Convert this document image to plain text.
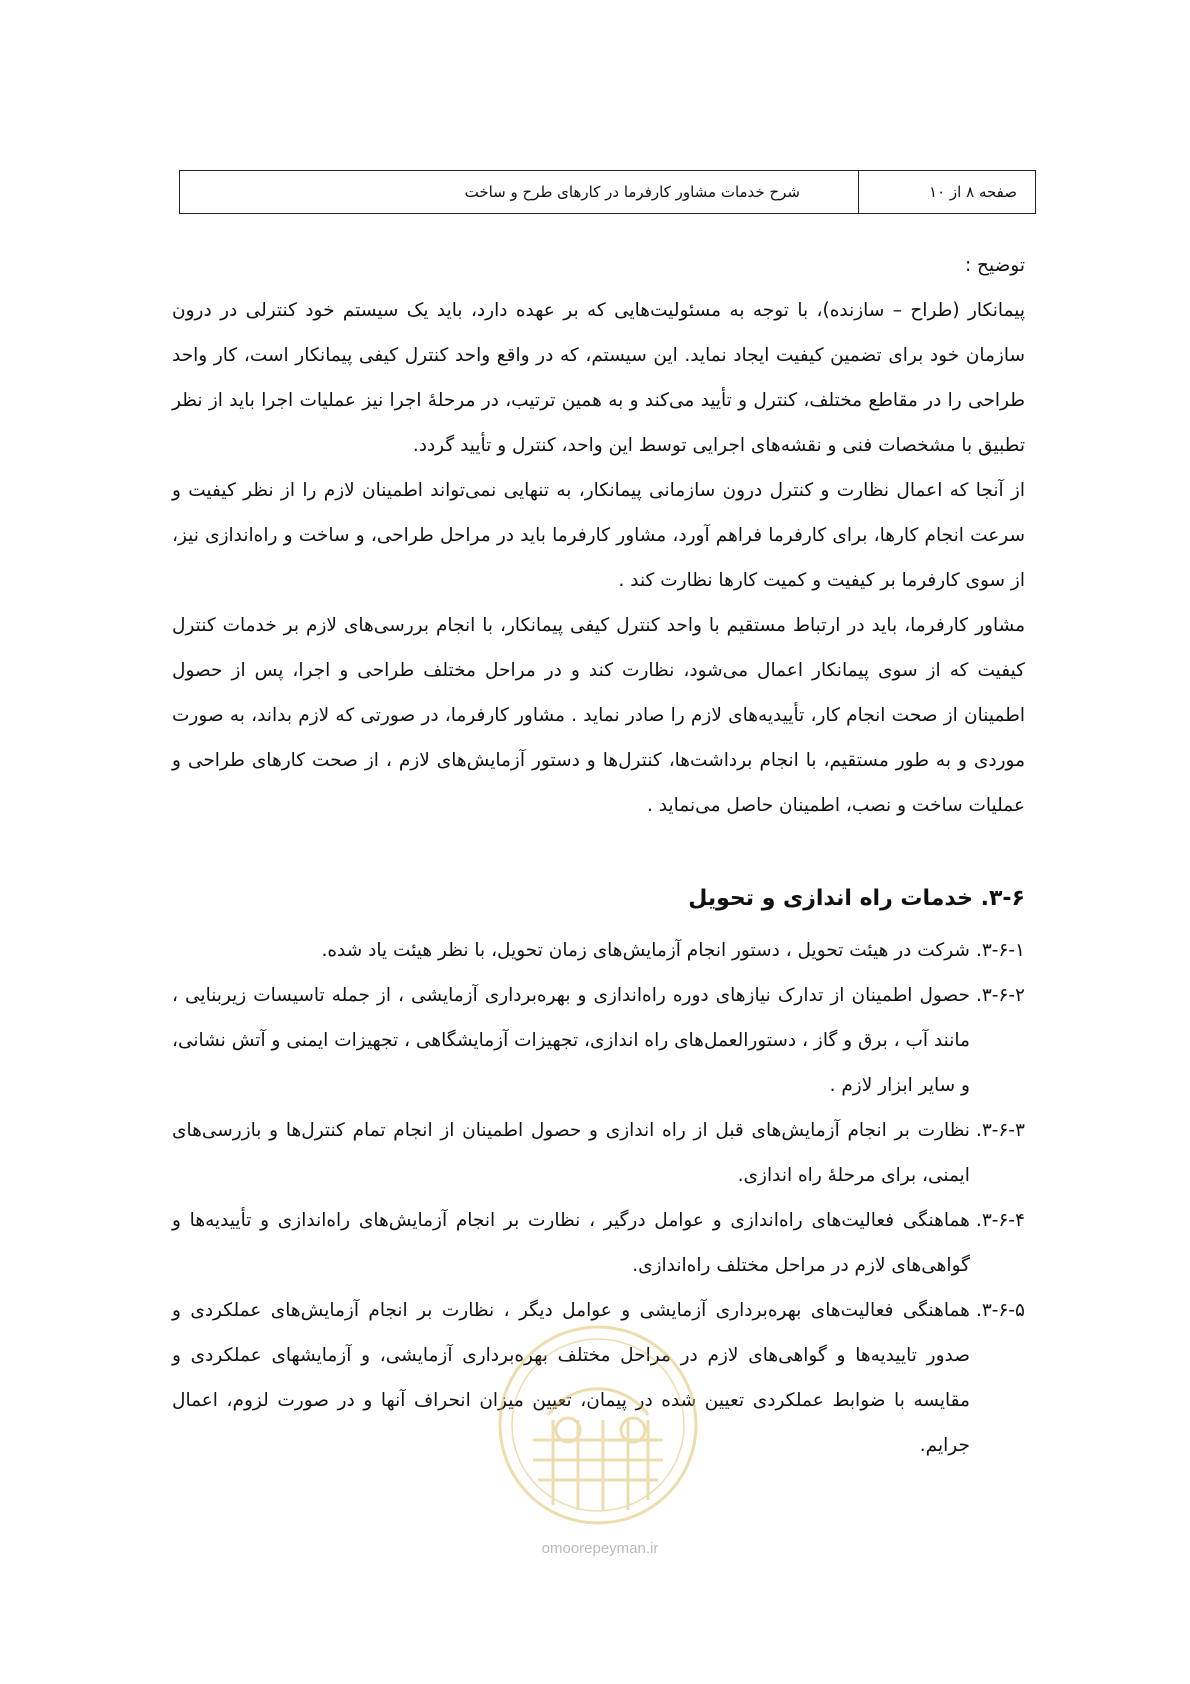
صفحه ۸ از ۱۰
شرح خدمات مشاور کارفرما در کارهای طرح و ساخت

توضیح :

پیمانکار (طراح – سازنده)، با توجه به مسئولیت‌هایی که بر عهده دارد، باید یک سیستم خود کنترلی در درون سازمان خود برای تضمین کیفیت ایجاد نماید. این سیستم، که در واقع واحد کنترل کیفی پیمانکار است، کار واحد طراحی را در مقاطع مختلف، کنترل و تأیید می‌کند و به همین ترتیب، در مرحلهٔ اجرا نیز عملیات اجرا باید از نظر تطبیق با مشخصات فنی و نقشه‌های اجرایی توسط این واحد، کنترل و تأیید گردد.

از آنجا که اعمال نظارت و کنترل درون سازمانی پیمانکار، به تنهایی نمی‌تواند اطمینان لازم را از نظر کیفیت و سرعت انجام کارها، برای کارفرما فراهم آورد، مشاور کارفرما باید در مراحل طراحی، و ساخت و راه‌اندازی نیز، از سوی کارفرما بر کیفیت و کمیت کارها نظارت کند .

مشاور کارفرما، باید در ارتباط مستقیم با واحد کنترل کیفی پیمانکار، با انجام بررسی‌های لازم بر خدمات کنترل کیفیت که از سوی پیمانکار اعمال می‌شود، نظارت کند و در مراحل مختلف طراحی و اجرا، پس از حصول اطمینان از صحت انجام کار، تأییدیه‌های لازم را صادر نماید . مشاور کارفرما، در صورتی که لازم بداند، به صورت موردی و به طور مستقیم، با انجام برداشت‌ها، کنترل‌ها و دستور آزمایش‌های لازم ، از صحت کارهای طراحی و عملیات ساخت و نصب، اطمینان حاصل می‌نماید .

۳-۶. خدمات راه اندازی و تحویل
۳-۶-۱.
شرکت در هیئت تحویل ، دستور انجام آزمایش‌های زمان تحویل، با نظر هیئت یاد شده.
۳-۶-۲.
حصول اطمینان از تدارک نیازهای دوره راه‌اندازی و بهره‌برداری آزمایشی ، از جمله تاسیسات زیربنایی ، مانند آب ، برق و گاز ، دستورالعمل‌های راه اندازی، تجهیزات آزمایشگاهی ، تجهیزات ایمنی و آتش نشانی، و سایر ابزار لازم .
۳-۶-۳.
نظارت بر انجام آزمایش‌های قبل از راه اندازی و حصول اطمینان از انجام تمام کنترل‌ها و بازرسی‌های ایمنی، برای مرحلهٔ راه اندازی.
۳-۶-۴.
هماهنگی فعالیت‌های راه‌اندازی و عوامل درگیر ، نظارت بر انجام آزمایش‌های راه‌اندازی و تأییدیه‌ها و گواهی‌های لازم در مراحل مختلف راه‌اندازی.
۳-۶-۵.
هماهنگی فعالیت‌های بهره‌برداری آزمایشی و عوامل دیگر ، نظارت بر انجام آزمایش‌های عملکردی و صدور تاییدیه‌ها و گواهی‌های لازم در مراحل مختلف بهره‌برداری آزمایشی، و آزمایشهای عملکردی و مقایسه با ضوابط عملکردی تعیین شده در پیمان، تعیین میزان انحراف آنها و در صورت لزوم، اعمال جرایم.
omoorepeyman.ir
